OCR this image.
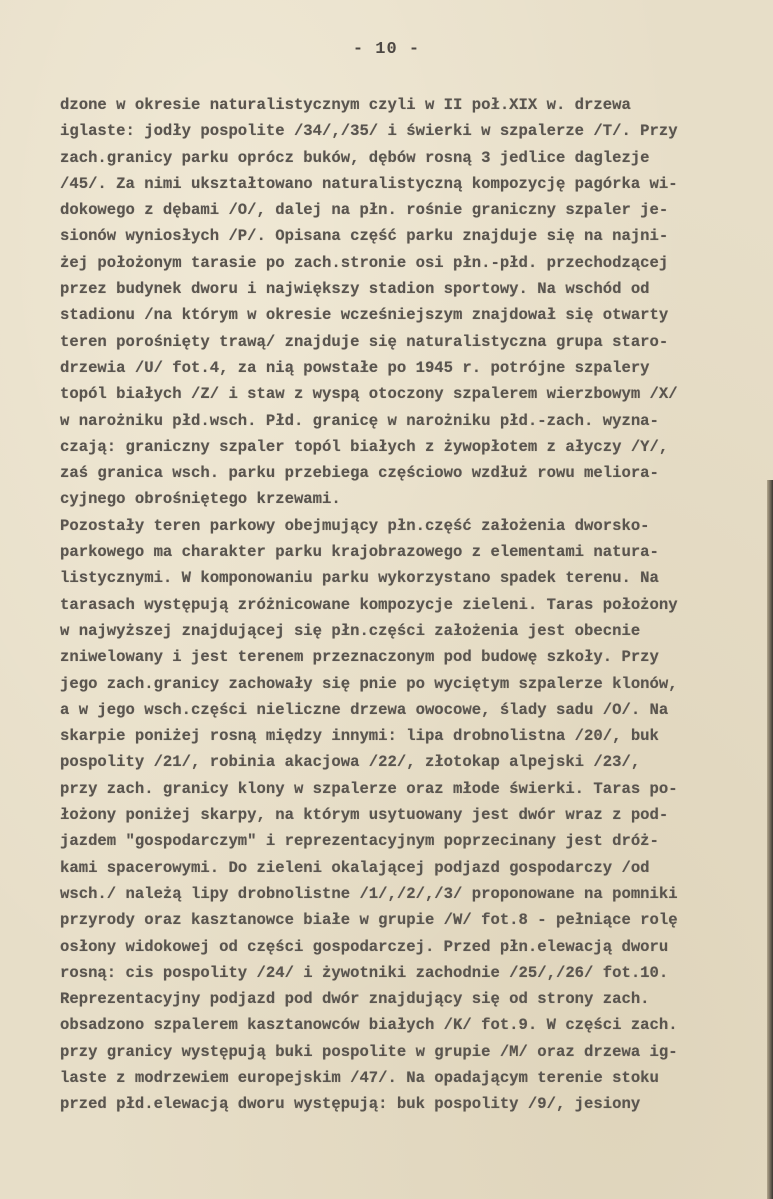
- 10 -
dzone w okresie naturalistycznym czyli w II poł.XIX w. drzewa
iglaste: jodły pospolite /34/,/35/ i świerki w szpalerze /T/. Przy
zach.granicy parku oprócz buków, dębów rosną 3 jedlice daglezje
/45/. Za nimi ukształtowano naturalistyczną kompozycję pagórka wi-
dokowego z dębami /O/, dalej na płn. rośnie graniczny szpaler je-
sionów wyniosłych /P/. Opisana część parku znajduje się na najni-
żej położonym tarasie po zach.stronie osi płn.-płd. przechodzącej
przez budynek dworu i największy stadion sportowy. Na wschód od
stadionu /na którym w okresie wcześniejszym znajdował się otwarty
teren porośnięty trawą/ znajduje się naturalistyczna grupa staro-
drzewia /U/ fot.4, za nią powstałe po 1945 r. potrójne szpalery
topól białych /Z/ i staw z wyspą otoczony szpalerem wierzbowym /X/
w narożniku płd.wsch. Płd. granicę w narożniku płd.-zach. wyzna-
czają: graniczny szpaler topól białych z żywopłotem z ałyczy /Y/,
zaś granica wsch. parku przebiega częściowo wzdłuż rowu meliora-
cyjnego obrośniętego krzewami.
Pozostały teren parkowy obejmujący płn.część założenia dworsko-
parkowego ma charakter parku krajobrazowego z elementami natura-
listycznymi. W komponowaniu parku wykorzystano spadek terenu. Na
tarasach występują zróżnicowane kompozycje zieleni. Taras położony
w najwyższej znajdującej się płn.części założenia jest obecnie
zniwelowany i jest terenem przeznaczonym pod budowę szkoły. Przy
jego zach.granicy zachowały się pnie po wyciętym szpalerze klonów,
a w jego wsch.części nieliczne drzewa owocowe, ślady sadu /O/. Na
skarpie poniżej rosną między innymi: lipa drobnolistna /20/, buk
pospolity /21/, robinia akacjowa /22/, złotokap alpejski /23/,
przy zach. granicy klony w szpalerze oraz młode świerki. Taras po-
łożony poniżej skarpy, na którym usytuowany jest dwór wraz z pod-
jazdem "gospodarczym" i reprezentacyjnym poprzecinany jest dróż-
kami spacerowymi. Do zieleni okalającej podjazd gospodarczy /od
wsch./ należą lipy drobnolistne /1/,/2/,/3/ proponowane na pomniki
przyrody oraz kasztanowce białe w grupie /W/ fot.8 - pełniące rolę
osłony widokowej od części gospodarczej. Przed płn.elewacją dworu
rosną: cis pospolity /24/ i żywotniki zachodnie /25/,/26/ fot.10.
Reprezentacyjny podjazd pod dwór znajdujący się od strony zach.
obsadzono szpalerem kasztanowców białych /K/ fot.9. W części zach.
przy granicy występują buki pospolite w grupie /M/ oraz drzewa ig-
laste z modrzewiem europejskim /47/. Na opadającym terenie stoku
przed płd.elewacją dworu występują: buk pospolity /9/, jesiony
